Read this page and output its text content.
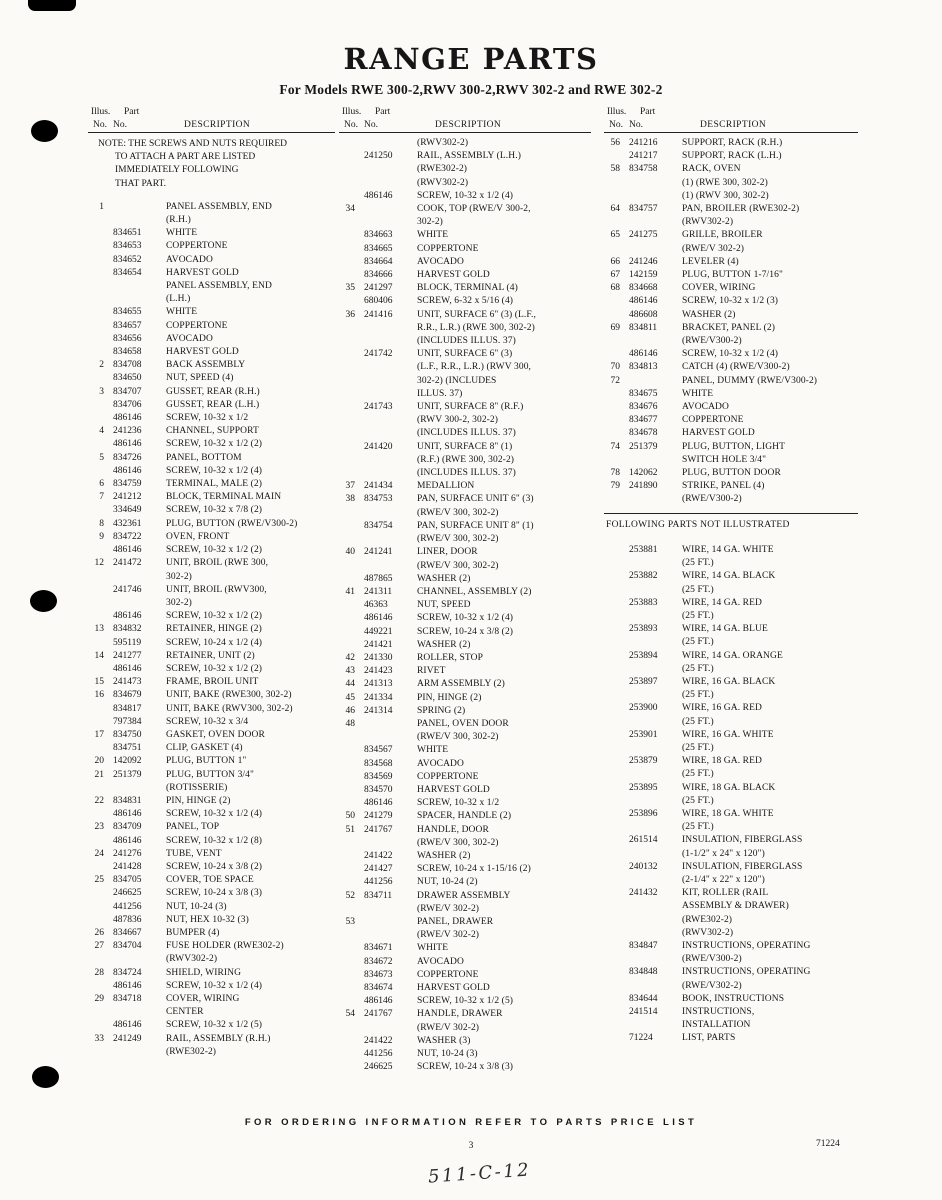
RANGE PARTS
For Models RWE 300-2,RWV 300-2,RWV 302-2 and RWE 302-2
Illus.	Part
No. No.	DESCRIPTION
NOTE: THE SCREWS AND NUTS REQUIRED
TO ATTACH A PART ARE LISTED
IMMEDIATELY FOLLOWING
THAT PART.
1	PANEL ASSEMBLY, END
(R.H.)
834651	WHITE
834653	COPPERTONE
834652	AVOCADO
834654	HARVEST GOLD
PANEL ASSEMBLY, END
(L.H.)
834655	WHITE
834657	COPPERTONE
834656	AVOCADO
834658	HARVEST GOLD
2 834708	BACK ASSEMBLY
834650	NUT, SPEED (4)
3 834707	GUSSET, REAR (R.H.)
834706	GUSSET, REAR (L.H.)
486146	SCREW, 10-32 x 1/2
4 241236	CHANNEL, SUPPORT
486146	SCREW, 10-32 x 1/2 (2)
5 834726	PANEL, BOTTOM
486146	SCREW, 10-32 x 1/2 (4)
6 834759	TERMINAL, MALE (2)
7 241212	BLOCK, TERMINAL MAIN
334649	SCREW, 10-32 x 7/8 (2)
8 432361	PLUG, BUTTON (RWE/V300-2)
9 834722	OVEN, FRONT
486146	SCREW, 10-32 x 1/2 (2)
12 241472	UNIT, BROIL (RWE 300,
302-2)
241746	UNIT, BROIL (RWV300,
302-2)
486146	SCREW, 10-32 x 1/2 (2)
13 834832	RETAINER, HINGE (2)
595119	SCREW, 10-24 x 1/2 (4)
14 241277	RETAINER, UNIT (2)
486146	SCREW, 10-32 x 1/2 (2)
15 241473	FRAME, BROIL UNIT
16 834679	UNIT, BAKE (RWE300, 302-2)
834817	UNIT, BAKE (RWV300, 302-2)
797384	SCREW, 10-32 x 3/4
17 834750	GASKET, OVEN DOOR
834751	CLIP, GASKET (4)
20 142092	PLUG, BUTTON 1"
21 251379	PLUG, BUTTON 3/4"
(ROTISSERIE)
22 834831	PIN, HINGE (2)
486146	SCREW, 10-32 x 1/2 (4)
23 834709	PANEL, TOP
486146	SCREW, 10-32 x 1/2 (8)
24 241276	TUBE, VENT
241428	SCREW, 10-24 x 3/8 (2)
25 834705	COVER, TOE SPACE
246625	SCREW, 10-24 x 3/8 (3)
441256	NUT, 10-24 (3)
487836	NUT, HEX 10-32 (3)
26 834667	BUMPER (4)
27 834704	FUSE HOLDER (RWE302-2)
(RWV302-2)
28 834724	SHIELD, WIRING
486146	SCREW, 10-32 x 1/2 (4)
29 834718	COVER, WIRING
CENTER
486146	SCREW, 10-32 x 1/2 (5)
33 241249	RAIL, ASSEMBLY (R.H.)
(RWE302-2)
Illus.	Part
No. No.	DESCRIPTION
(RWV302-2)
241250	RAIL, ASSEMBLY (L.H.)
(RWE302-2)
(RWV302-2)
486146	SCREW, 10-32 x 1/2 (4)
34	COOK, TOP (RWE/V 300-2,
302-2)
834663	WHITE
834665	COPPERTONE
834664	AVOCADO
834666	HARVEST GOLD
35 241297	BLOCK, TERMINAL (4)
680406	SCREW, 6-32 x 5/16 (4)
36 241416	UNIT, SURFACE 6" (3) (L.F.,
R.R., L.R.) (RWE 300, 302-2)
(INCLUDES ILLUS. 37)
241742	UNIT, SURFACE 6" (3)
(L.F., R.R., L.R.) (RWV 300,
302-2) (INCLUDES
ILLUS. 37)
241743	UNIT, SURFACE 8" (R.F.)
(RWV 300-2, 302-2)
(INCLUDES ILLUS. 37)
241420	UNIT, SURFACE 8" (1)
(R.F.) (RWE 300, 302-2)
(INCLUDES ILLUS. 37)
37 241434	MEDALLION
38 834753	PAN, SURFACE UNIT 6" (3)
(RWE/V 300, 302-2)
834754	PAN, SURFACE UNIT 8" (1)
(RWE/V 300, 302-2)
40 241241	LINER, DOOR
(RWE/V 300, 302-2)
487865	WASHER (2)
41 241311	CHANNEL, ASSEMBLY (2)
46363	NUT, SPEED
486146	SCREW, 10-32 x 1/2 (4)
449221	SCREW, 10-24 x 3/8 (2)
241421	WASHER (2)
42 241330	ROLLER, STOP
43 241423	RIVET
44 241313	ARM ASSEMBLY (2)
45 241334	PIN, HINGE (2)
46 241314	SPRING (2)
48	PANEL, OVEN DOOR
(RWE/V 300, 302-2)
834567	WHITE
834568	AVOCADO
834569	COPPERTONE
834570	HARVEST GOLD
486146	SCREW, 10-32 x 1/2
50 241279	SPACER, HANDLE (2)
51 241767	HANDLE, DOOR
(RWE/V 300, 302-2)
241422	WASHER (2)
241427	SCREW, 10-24 x 1-15/16 (2)
441256	NUT, 10-24 (2)
52 834711	DRAWER ASSEMBLY
(RWE/V 302-2)
53	PANEL, DRAWER
(RWE/V 302-2)
834671	WHITE
834672	AVOCADO
834673	COPPERTONE
834674	HARVEST GOLD
486146	SCREW, 10-32 x 1/2 (5)
54 241767	HANDLE, DRAWER
(RWE/V 302-2)
241422	WASHER (3)
441256	NUT, 10-24 (3)
246625	SCREW, 10-24 x 3/8 (3)
Illus.	Part
No. No.	DESCRIPTION
56 241216	SUPPORT, RACK (R.H.)
241217	SUPPORT, RACK (L.H.)
58 834758	RACK, OVEN
(1) (RWE 300, 302-2)
(1) (RWV 300, 302-2)
64 834757	PAN, BROILER (RWE302-2)
(RWV302-2)
65 241275	GRILLE, BROILER
(RWE/V 302-2)
66 241246	LEVELER (4)
67 142159	PLUG, BUTTON 1-7/16"
68 834668	COVER, WIRING
486146	SCREW, 10-32 x 1/2 (3)
486608	WASHER (2)
69 834811	BRACKET, PANEL (2)
(RWE/V300-2)
486146	SCREW, 10-32 x 1/2 (4)
70 834813	CATCH (4) (RWE/V300-2)
72	PANEL, DUMMY (RWE/V300-2)
834675	WHITE
834676	AVOCADO
834677	COPPERTONE
834678	HARVEST GOLD
74 251379	PLUG, BUTTON, LIGHT
SWITCH HOLE 3/4"
78 142062	PLUG, BUTTON DOOR
79 241890	STRIKE, PANEL (4)
(RWE/V300-2)
FOLLOWING PARTS NOT ILLUSTRATED
253881	WIRE, 14 GA. WHITE
(25 FT.)
253882	WIRE, 14 GA. BLACK
(25 FT.)
253883	WIRE, 14 GA. RED
(25 FT.)
253893	WIRE, 14 GA. BLUE
(25 FT.)
253894	WIRE, 14 GA. ORANGE
(25 FT.)
253897	WIRE, 16 GA. BLACK
(25 FT.)
253900	WIRE, 16 GA. RED
(25 FT.)
253901	WIRE, 16 GA. WHITE
(25 FT.)
253879	WIRE, 18 GA. RED
(25 FT.)
253895	WIRE, 18 GA. BLACK
(25 FT.)
253896	WIRE, 18 GA. WHITE
(25 FT.)
261514	INSULATION, FIBERGLASS
(1-1/2" x 24" x 120")
240132	INSULATION, FIBERGLASS
(2-1/4" x 22" x 120")
241432	KIT, ROLLER (RAIL
ASSEMBLY & DRAWER)
(RWE302-2)
(RWV302-2)
834847	INSTRUCTIONS, OPERATING
(RWE/V300-2)
834848	INSTRUCTIONS, OPERATING
(RWE/V302-2)
834644	BOOK, INSTRUCTIONS
241514	INSTRUCTIONS,
INSTALLATION
71224	LIST, PARTS
FOR ORDERING INFORMATION REFER TO PARTS PRICE LIST
3	71224
511-C-12
